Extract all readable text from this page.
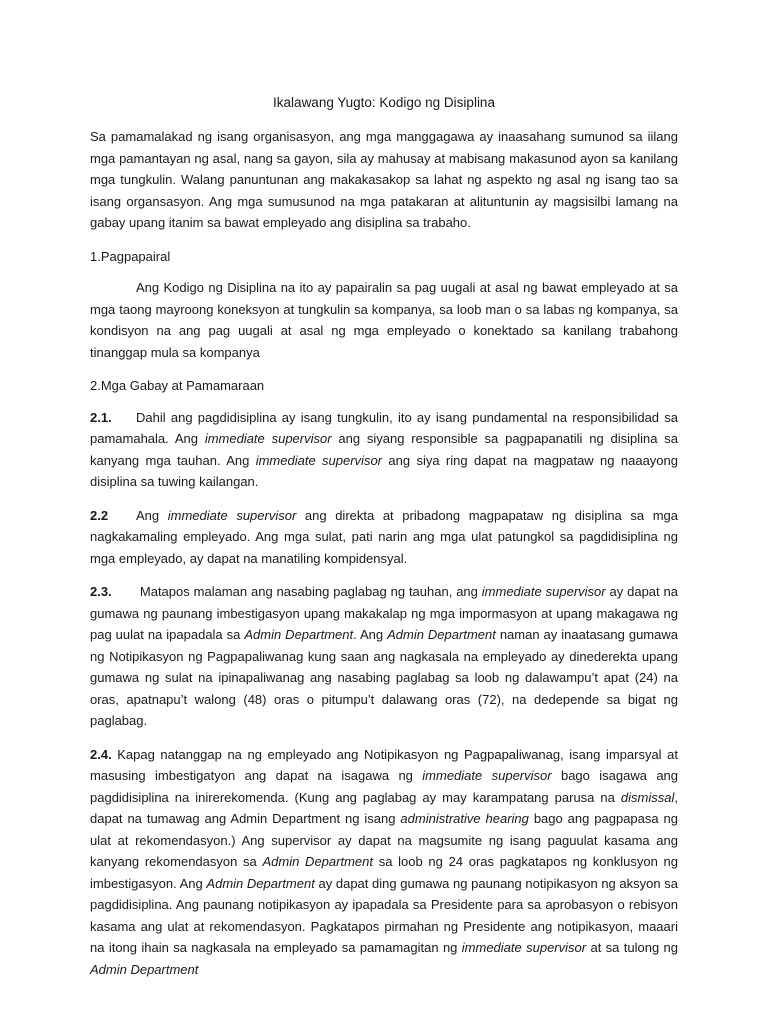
Ikalawang Yugto: Kodigo ng Disiplina

Sa pamamalakad ng isang organisasyon, ang mga manggagawa ay inaasahang sumunod sa iilang mga pamantayan ng asal, nang sa gayon, sila ay mahusay at mabisang makasunod ayon sa kanilang mga tungkulin. Walang panuntunan ang makakasakop sa lahat ng aspekto ng asal ng isang tao sa isang organsasyon. Ang mga sumusunod na mga patakaran at alituntunin ay magsisilbi lamang na gabay upang itanim sa bawat empleyado ang disiplina sa trabaho.

1.Pagpapairal

Ang Kodigo ng Disiplina na ito ay papairalin sa pag uugali at asal ng bawat empleyado at sa mga taong mayroong koneksyon at tungkulin sa kompanya, sa loob man o sa labas ng kompanya, sa kondisyon na ang pag uugali at asal ng mga empleyado o konektado sa kanilang trabahong tinanggap mula sa kompanya

2.Mga Gabay at Pamamaraan

2.1. Dahil ang pagdidisiplina ay isang tungkulin, ito ay isang pundamental na responsibilidad sa pamamahala. Ang immediate supervisor ang siyang responsible sa pagpapanatili ng disiplina sa kanyang mga tauhan. Ang immediate supervisor ang siya ring dapat na magpataw ng naaayong disiplina sa tuwing kailangan.

2.2 Ang immediate supervisor ang direkta at pribadong magpapataw ng disiplina sa mga nagkakamaling empleyado. Ang mga sulat, pati narin ang mga ulat patungkol sa pagdidisiplina ng mga empleyado, ay dapat na manatiling kompidensyal.

2.3. Matapos malaman ang nasabing paglabag ng tauhan, ang immediate supervisor ay dapat na gumawa ng paunang imbestigasyon upang makakalap ng mga impormasyon at upang makagawa ng pag uulat na ipapadala sa Admin Department. Ang Admin Department naman ay inaatasang gumawa ng Notipikasyon ng Pagpapaliwanag kung saan ang nagkasala na empleyado ay dinederekta upang gumawa ng sulat na ipinapaliwanag ang nasabing paglabag sa loob ng dalawampu’t apat (24) na oras, apatnapu’t walong (48) oras o pitumpu’t dalawang oras (72), na dedepende sa bigat ng paglabag.

2.4. Kapag natanggap na ng empleyado ang Notipikasyon ng Pagpapaliwanag, isang imparsyal at masusing imbestigatyon ang dapat na isagawa ng immediate supervisor bago isagawa ang pagdidisiplina na inirerekomenda. (Kung ang paglabag ay may karampatang parusa na dismissal, dapat na tumawag ang Admin Department ng isang administrative hearing bago ang pagpapasa ng ulat at rekomendasyon.) Ang supervisor ay dapat na magsumite ng isang paguulat kasama ang kanyang rekomendasyon sa Admin Department sa loob ng 24 oras pagkatapos ng konklusyon ng imbestigasyon. Ang Admin Department ay dapat ding gumawa ng paunang notipikasyon ng aksyon sa pagdidisiplina. Ang paunang notipikasyon ay ipapadala sa Presidente para sa aprobasyon o rebisyon kasama ang ulat at rekomendasyon. Pagkatapos pirmahan ng Presidente ang notipikasyon, maaari na itong ihain sa nagkasala na empleyado sa pamamagitan ng immediate supervisor at sa tulong ng Admin Department
